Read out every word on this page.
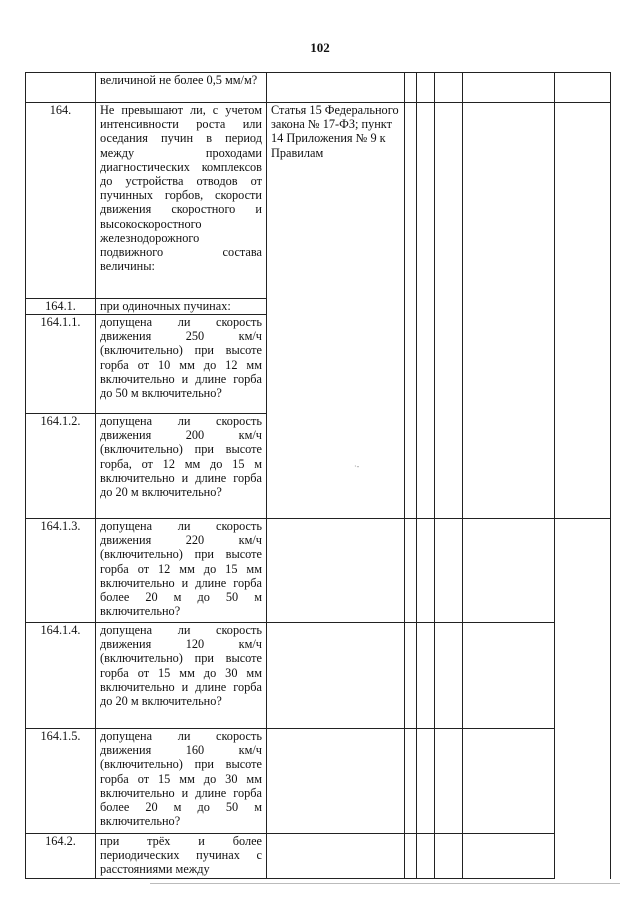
102
	величиной не более 0,5 мм/м?							
164.	Не превышают ли, с учетом интенсивности роста или оседания пучин в период между проходами диагностических комплексов до устройства отводов от пучинных горбов, скорости движения скоростного и высокоскоростного железнодорожного подвижного состава величины:	Статья 15 Федерального закона № 17-ФЗ; пункт 14 Приложения № 9 к Правилам						
164.1.	при одиночных пучинах:							
164.1.1.	допущена ли скорость движения 250 км/ч (включительно) при высоте горба от 10 мм до 12 мм включительно и длине горба до 50 м включительно?							
164.1.2.	допущена ли скорость движения 200 км/ч (включительно) при высоте горба, от 12 мм до 15 м включительно и длине горба до 20 м включительно?							
164.1.3.	допущена ли скорость движения 220 км/ч (включительно) при высоте горба от 12 мм до 15 мм включительно и длине горба более 20 м до 50 м включительно?							
164.1.4.	допущена ли скорость движения 120 км/ч (включительно) при высоте горба от 15 мм до 30 мм включительно и длине горба до 20 м включительно?							
164.1.5.	допущена ли скорость движения 160 км/ч (включительно) при высоте горба от 15 мм до 30 мм включительно и длине горба более 20 м до 50 м включительно?							
164.2.	при трёх и более периодических пучинах с расстояниями между							
·-
